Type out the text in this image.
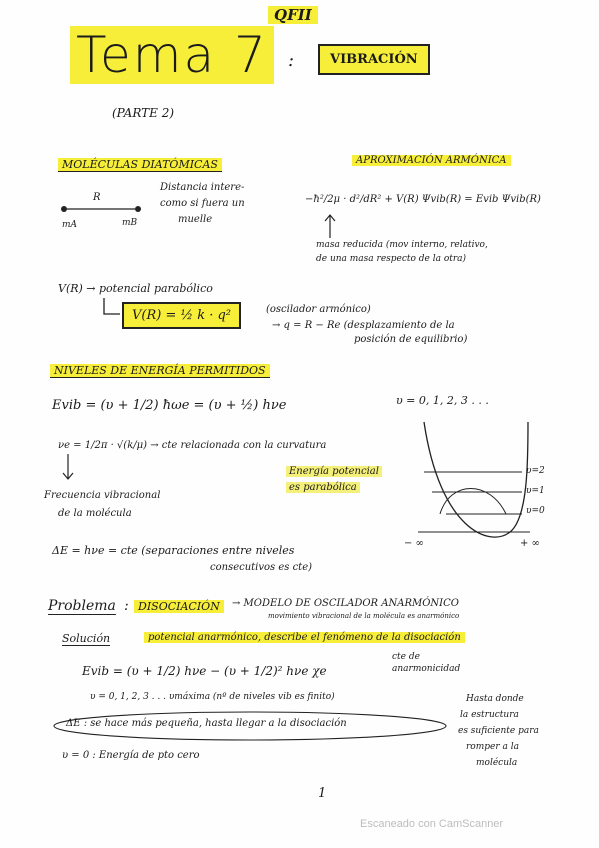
QFII
Tema 7	:	VIBRACIÓN
(PARTE 2)
MOLÉCULAS DIATÓMICAS
R
mA	mB
Distancia intere-
como si fuera un
muelle
APROXIMACIÓN ARMÓNICA
−ħ²/2μ · d²/dR² + V(R) Ψvib(R) = Evib Ψvib(R)
masa reducida (mov interno, relativo,
de una masa respecto de la otra)
V(R) → potencial parabólico
V(R) = ½ k · q²	(oscilador armónico)
→ q = R − Re (desplazamiento de la
posición de equilibrio)
NIVELES DE ENERGÍA PERMITIDOS
Evib = (υ + 1/2) ħωe = (υ + ½) hνe	υ = 0, 1, 2, 3 . . .
νe = 1/2π · √(k/μ) → cte relacionada con la curvatura
Frecuencia vibracional
de la molécula
Energía potencial
es parabólica
υ=2
υ=1
υ=0
− ∞	+ ∞
ΔE = hνe = cte (separaciones entre niveles
consecutivos es cte)
Problema : DISOCIACIÓN	→ MODELO DE OSCILADOR ANARMÓNICO
movimiento vibracional de la molécula es anarmónico
Solución	potencial anarmónico, describe el fenómeno de la disociación
Evib = (υ + 1/2) hνe − (υ + 1/2)² hνe χe
cte de
anarmonicidad
υ = 0, 1, 2, 3 . . . υmáxima (nº de niveles vib es finito)
ΔE : se hace más pequeña, hasta llegar a la disociación
υ = 0 : Energía de pto cero
Hasta donde
la estructura
es suficiente para
romper a la
molécula
1
Escaneado con CamScanner
